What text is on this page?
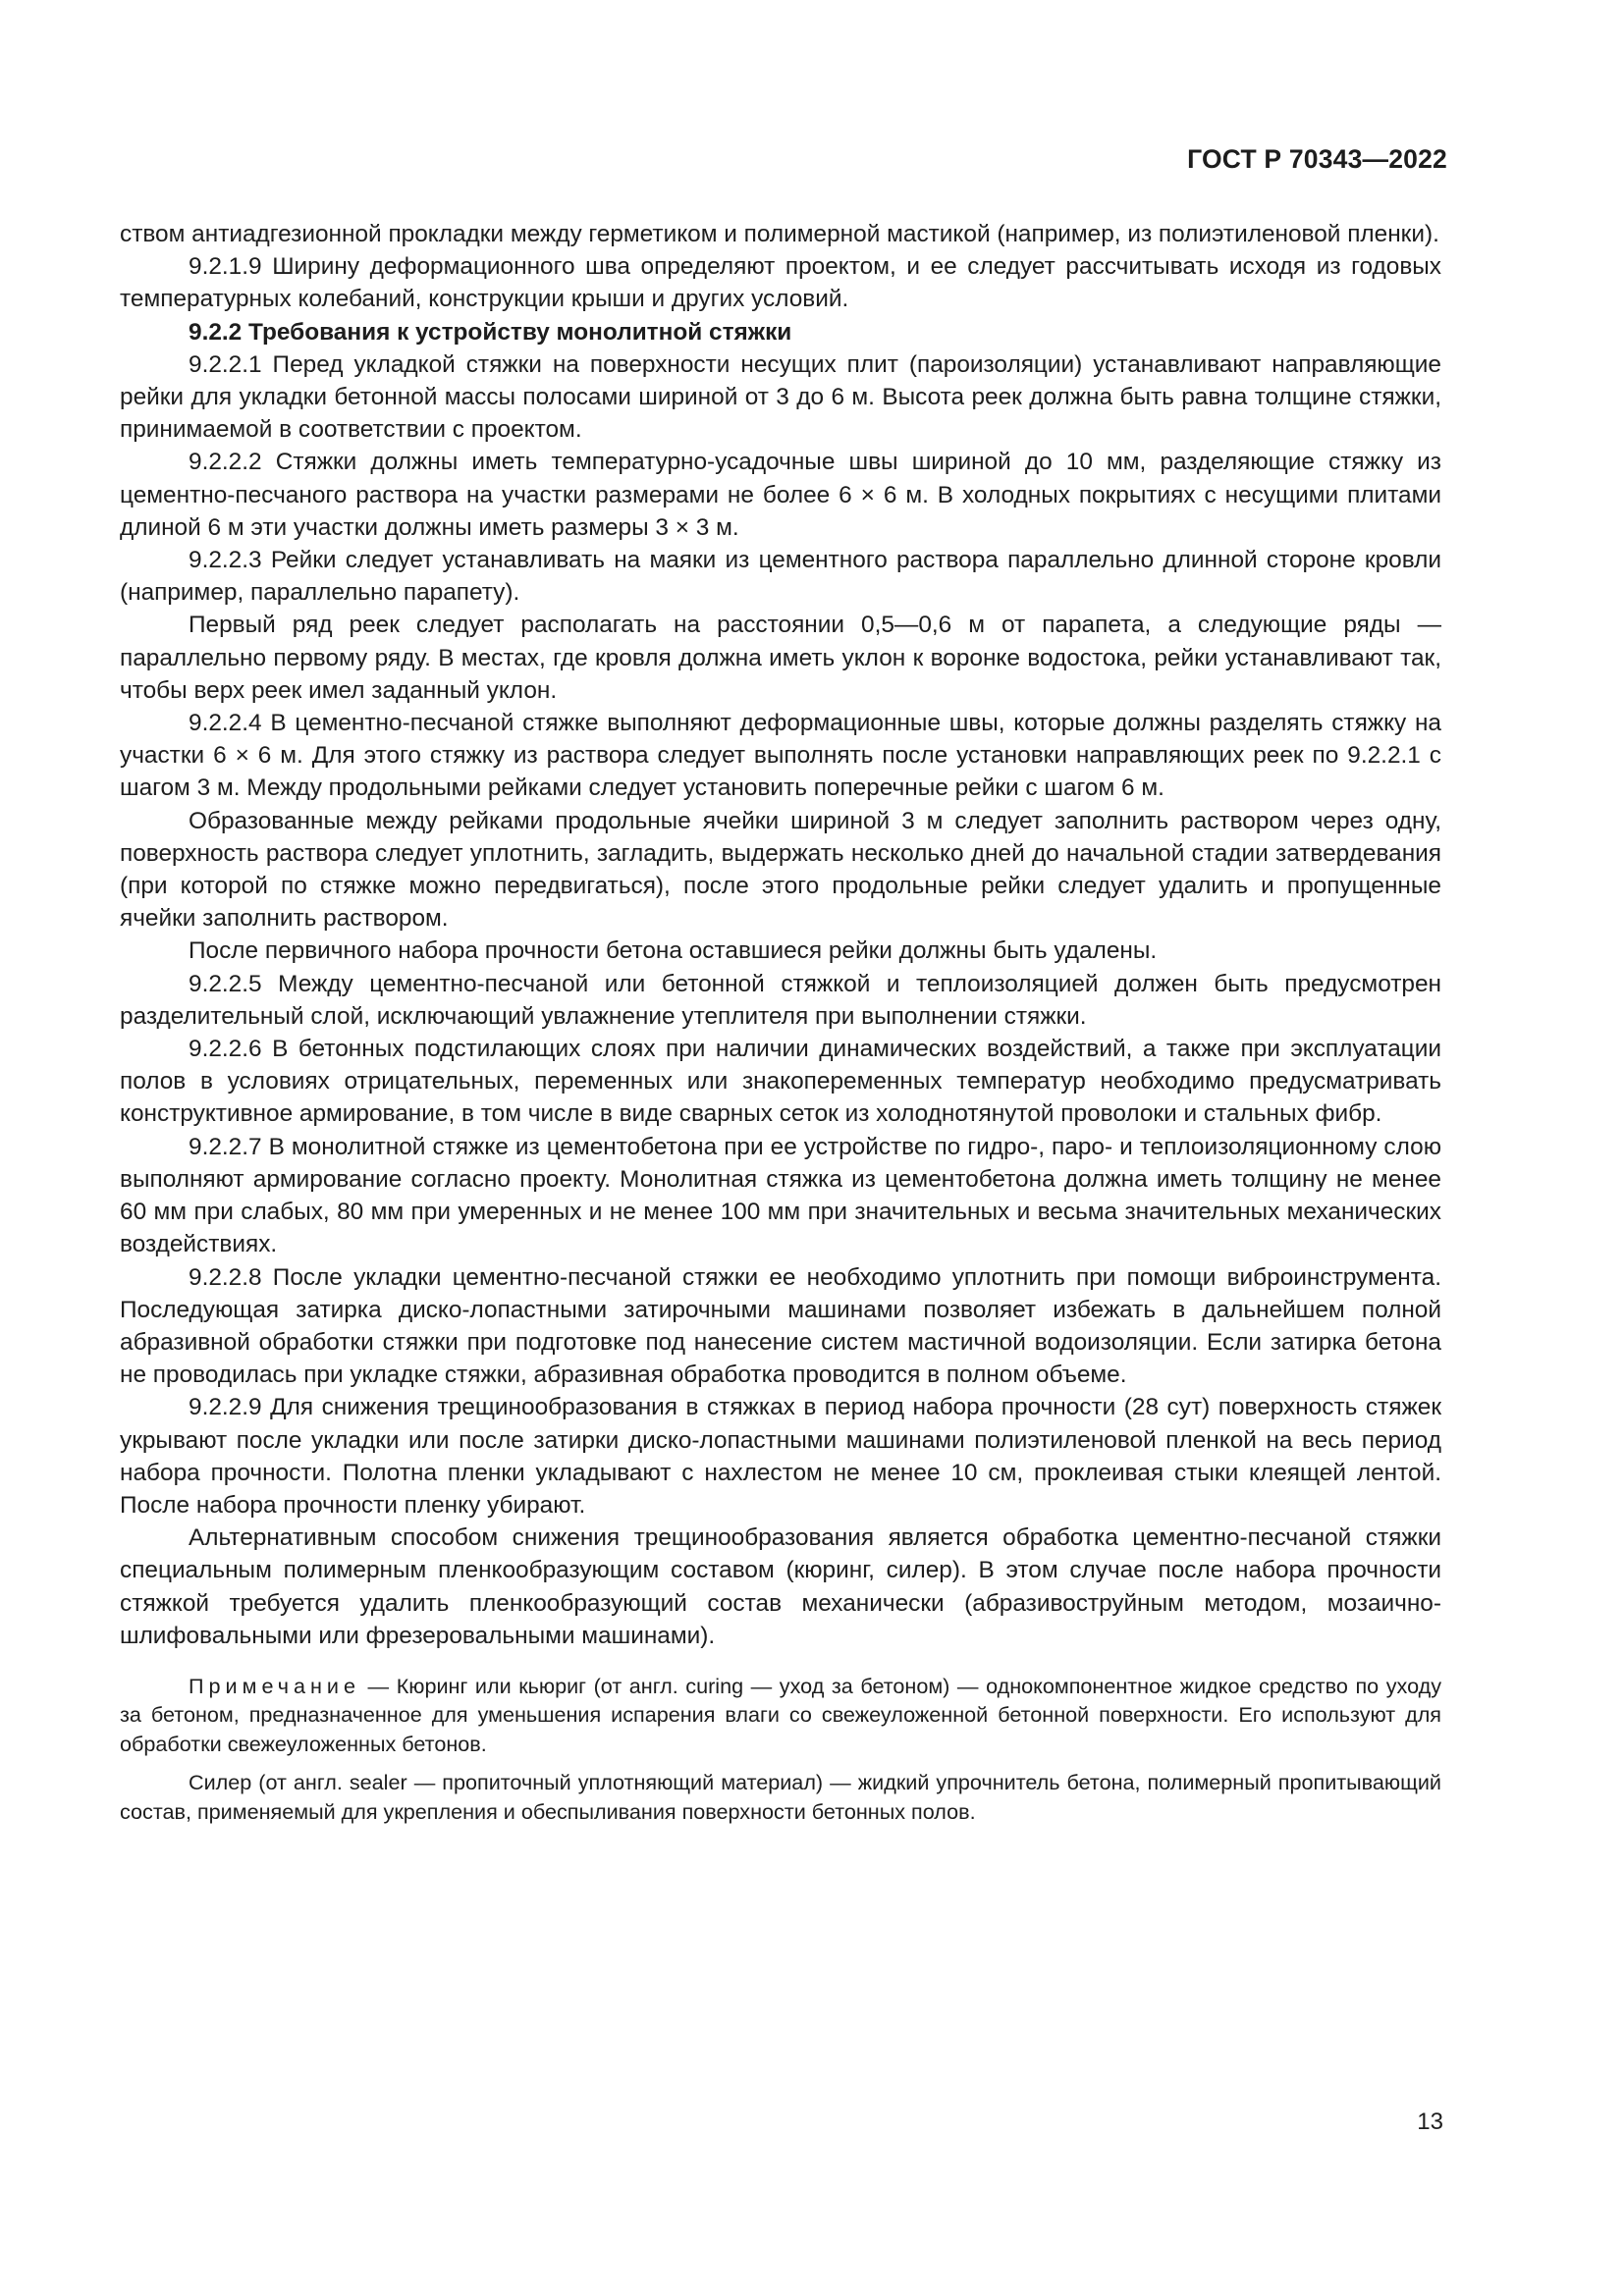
ГОСТ Р 70343—2022

ством антиадгезионной прокладки между герметиком и полимерной мастикой (например, из полиэтиленовой пленки).

9.2.1.9 Ширину деформационного шва определяют проектом, и ее следует рассчитывать исходя из годовых температурных колебаний, конструкции крыши и других условий.

9.2.2 Требования к устройству монолитной стяжки

9.2.2.1 Перед укладкой стяжки на поверхности несущих плит (пароизоляции) устанавливают направляющие рейки для укладки бетонной массы полосами шириной от 3 до 6 м. Высота реек должна быть равна толщине стяжки, принимаемой в соответствии с проектом.

9.2.2.2 Стяжки должны иметь температурно-усадочные швы шириной до 10 мм, разделяющие стяжку из цементно-песчаного раствора на участки размерами не более 6 × 6 м. В холодных покрытиях с несущими плитами длиной 6 м эти участки должны иметь размеры 3 × 3 м.

9.2.2.3 Рейки следует устанавливать на маяки из цементного раствора параллельно длинной стороне кровли (например, параллельно парапету).

Первый ряд реек следует располагать на расстоянии 0,5—0,6 м от парапета, а следующие ряды — параллельно первому ряду. В местах, где кровля должна иметь уклон к воронке водостока, рейки устанавливают так, чтобы верх реек имел заданный уклон.

9.2.2.4 В цементно-песчаной стяжке выполняют деформационные швы, которые должны разделять стяжку на участки 6 × 6 м. Для этого стяжку из раствора следует выполнять после установки направляющих реек по 9.2.2.1 с шагом 3 м. Между продольными рейками следует установить поперечные рейки с шагом 6 м.

Образованные между рейками продольные ячейки шириной 3 м следует заполнить раствором через одну, поверхность раствора следует уплотнить, загладить, выдержать несколько дней до начальной стадии затвердевания (при которой по стяжке можно передвигаться), после этого продольные рейки следует удалить и пропущенные ячейки заполнить раствором.

После первичного набора прочности бетона оставшиеся рейки должны быть удалены.

9.2.2.5 Между цементно-песчаной или бетонной стяжкой и теплоизоляцией должен быть предусмотрен разделительный слой, исключающий увлажнение утеплителя при выполнении стяжки.

9.2.2.6 В бетонных подстилающих слоях при наличии динамических воздействий, а также при эксплуатации полов в условиях отрицательных, переменных или знакопеременных температур необходимо предусматривать конструктивное армирование, в том числе в виде сварных сеток из холоднотянутой проволоки и стальных фибр.

9.2.2.7 В монолитной стяжке из цементобетона при ее устройстве по гидро-, паро- и теплоизоляционному слою выполняют армирование согласно проекту. Монолитная стяжка из цементобетона должна иметь толщину не менее 60 мм при слабых, 80 мм при умеренных и не менее 100 мм при значительных и весьма значительных механических воздействиях.

9.2.2.8 После укладки цементно-песчаной стяжки ее необходимо уплотнить при помощи виброинструмента. Последующая затирка диско-лопастными затирочными машинами позволяет избежать в дальнейшем полной абразивной обработки стяжки при подготовке под нанесение систем мастичной водоизоляции. Если затирка бетона не проводилась при укладке стяжки, абразивная обработка проводится в полном объеме.

9.2.2.9 Для снижения трещинообразования в стяжках в период набора прочности (28 сут) поверхность стяжек укрывают после укладки или после затирки диско-лопастными машинами полиэтиленовой пленкой на весь период набора прочности. Полотна пленки укладывают с нахлестом не менее 10 см, проклеивая стыки клеящей лентой. После набора прочности пленку убирают.

Альтернативным способом снижения трещинообразования является обработка цементно-песчаной стяжки специальным полимерным пленкообразующим составом (кюринг, силер). В этом случае после набора прочности стяжкой требуется удалить пленкообразующий состав механически (абразивоструйным методом, мозаично-шлифовальными или фрезеровальными машинами).

Примечание — Кюринг или кьюриг (от англ. curing — уход за бетоном) — однокомпонентное жидкое средство по уходу за бетоном, предназначенное для уменьшения испарения влаги со свежеуложенной бетонной поверхности. Его используют для обработки свежеуложенных бетонов.

Силер (от англ. sealer — пропиточный уплотняющий материал) — жидкий упрочнитель бетона, полимерный пропитывающий состав, применяемый для укрепления и обеспыливания поверхности бетонных полов.

13
